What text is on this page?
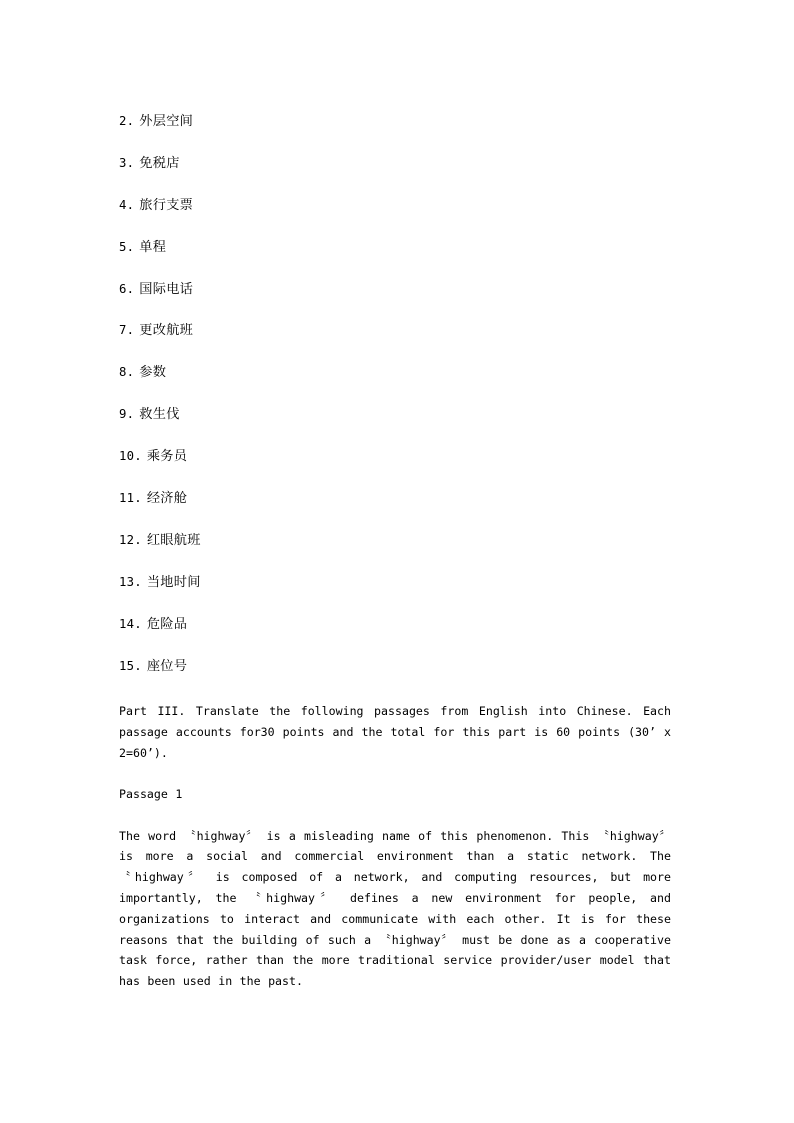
2. 外层空间
3. 免税店
4. 旅行支票
5. 单程
6. 国际电话
7. 更改航班
8. 参数
9. 救生伐
10. 乘务员
11. 经济舱
12. 红眼航班
13. 当地时间
14. 危险品
15. 座位号

Part III. Translate the following passages from English into Chinese. Each passage accounts for30 points and the total for this part is 60 points (30’ x 2=60’).

Passage 1

The word 〝highway〞 is a misleading name of this phenomenon. This 〝highway〞 is more a social and commercial environment than a static network. The 〝highway〞 is composed of a network, and computing resources, but more importantly, the 〝highway〞 defines a new environment for people, and organizations to interact and communicate with each other. It is for these reasons that the building of such a 〝highway〞 must be done as a cooperative task force, rather than the more traditional service provider/user model that has been used in the past.
